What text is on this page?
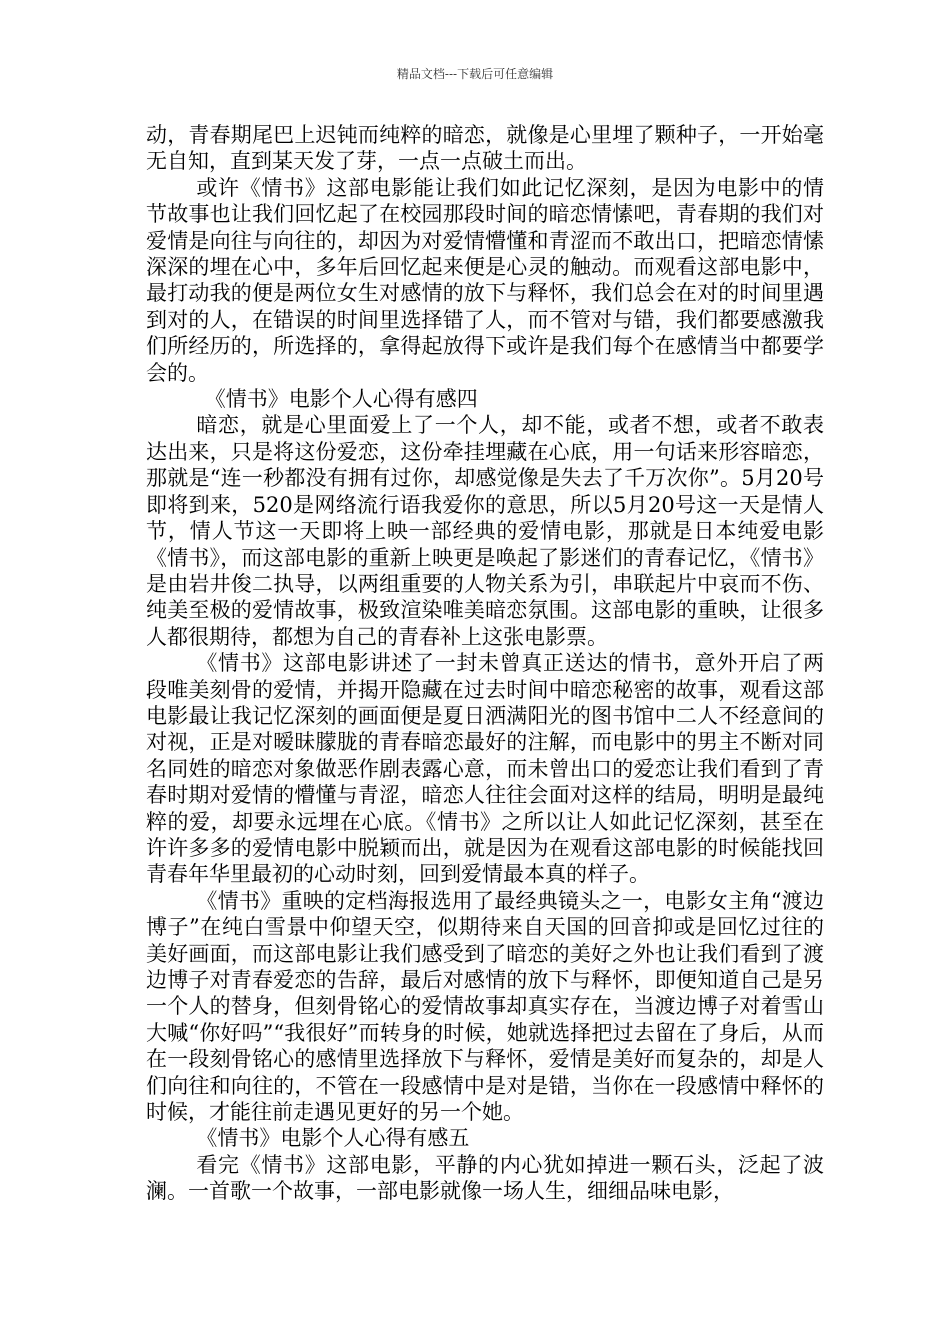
精品文档---下载后可任意编辑

动，青春期尾巴上迟钝而纯粹的暗恋，就像是心里埋了颗种子，一开始毫无自知，直到某天发了芽，一点一点破土而出。

或许《情书》这部电影能让我们如此记忆深刻，是因为电影中的情节故事也让我们回忆起了在校园那段时间的暗恋情愫吧，青春期的我们对爱情是向往与向往的，却因为对爱情懵懂和青涩而不敢出口，把暗恋情愫深深的埋在心中，多年后回忆起来便是心灵的触动。而观看这部电影中，最打动我的便是两位女生对感情的放下与释怀，我们总会在对的时间里遇到对的人，在错误的时间里选择错了人，而不管对与错，我们都要感激我们所经历的，所选择的，拿得起放得下或许是我们每个在感情当中都要学会的。

《情书》电影个人心得有感四

暗恋，就是心里面爱上了一个人，却不能，或者不想，或者不敢表达出来，只是将这份爱恋，这份牵挂埋藏在心底，用一句话来形容暗恋，那就是“连一秒都没有拥有过你，却感觉像是失去了千万次你”。5月20号即将到来，520是网络流行语我爱你的意思，所以5月20号这一天是情人节，情人节这一天即将上映一部经典的爱情电影，那就是日本纯爱电影《情书》，而这部电影的重新上映更是唤起了影迷们的青春记忆，《情书》是由岩井俊二执导，以两组重要的人物关系为引，串联起片中哀而不伤、纯美至极的爱情故事，极致渲染唯美暗恋氛围。这部电影的重映，让很多人都很期待，都想为自己的青春补上这张电影票。

《情书》这部电影讲述了一封未曾真正送达的情书，意外开启了两段唯美刻骨的爱情，并揭开隐藏在过去时间中暗恋秘密的故事，观看这部电影最让我记忆深刻的画面便是夏日洒满阳光的图书馆中二人不经意间的对视，正是对暧昧朦胧的青春暗恋最好的注解，而电影中的男主不断对同名同姓的暗恋对象做恶作剧表露心意，而未曾出口的爱恋让我们看到了青春时期对爱情的懵懂与青涩，暗恋人往往会面对这样的结局，明明是最纯粹的爱，却要永远埋在心底。《情书》之所以让人如此记忆深刻，甚至在许许多多的爱情电影中脱颖而出，就是因为在观看这部电影的时候能找回青春年华里最初的心动时刻，回到爱情最本真的样子。

《情书》重映的定档海报选用了最经典镜头之一，电影女主角“渡边博子”在纯白雪景中仰望天空，似期待来自天国的回音抑或是回忆过往的美好画面，而这部电影让我们感受到了暗恋的美好之外也让我们看到了渡边博子对青春爱恋的告辞，最后对感情的放下与释怀，即便知道自己是另一个人的替身，但刻骨铭心的爱情故事却真实存在，当渡边博子对着雪山大喊“你好吗”“我很好”而转身的时候，她就选择把过去留在了身后，从而在一段刻骨铭心的感情里选择放下与释怀，爱情是美好而复杂的，却是人们向往和向往的，不管在一段感情中是对是错，当你在一段感情中释怀的时候，才能往前走遇见更好的另一个她。

《情书》电影个人心得有感五

看完《情书》这部电影，平静的内心犹如掉进一颗石头，泛起了波澜。一首歌一个故事，一部电影就像一场人生，细细品味电影，
